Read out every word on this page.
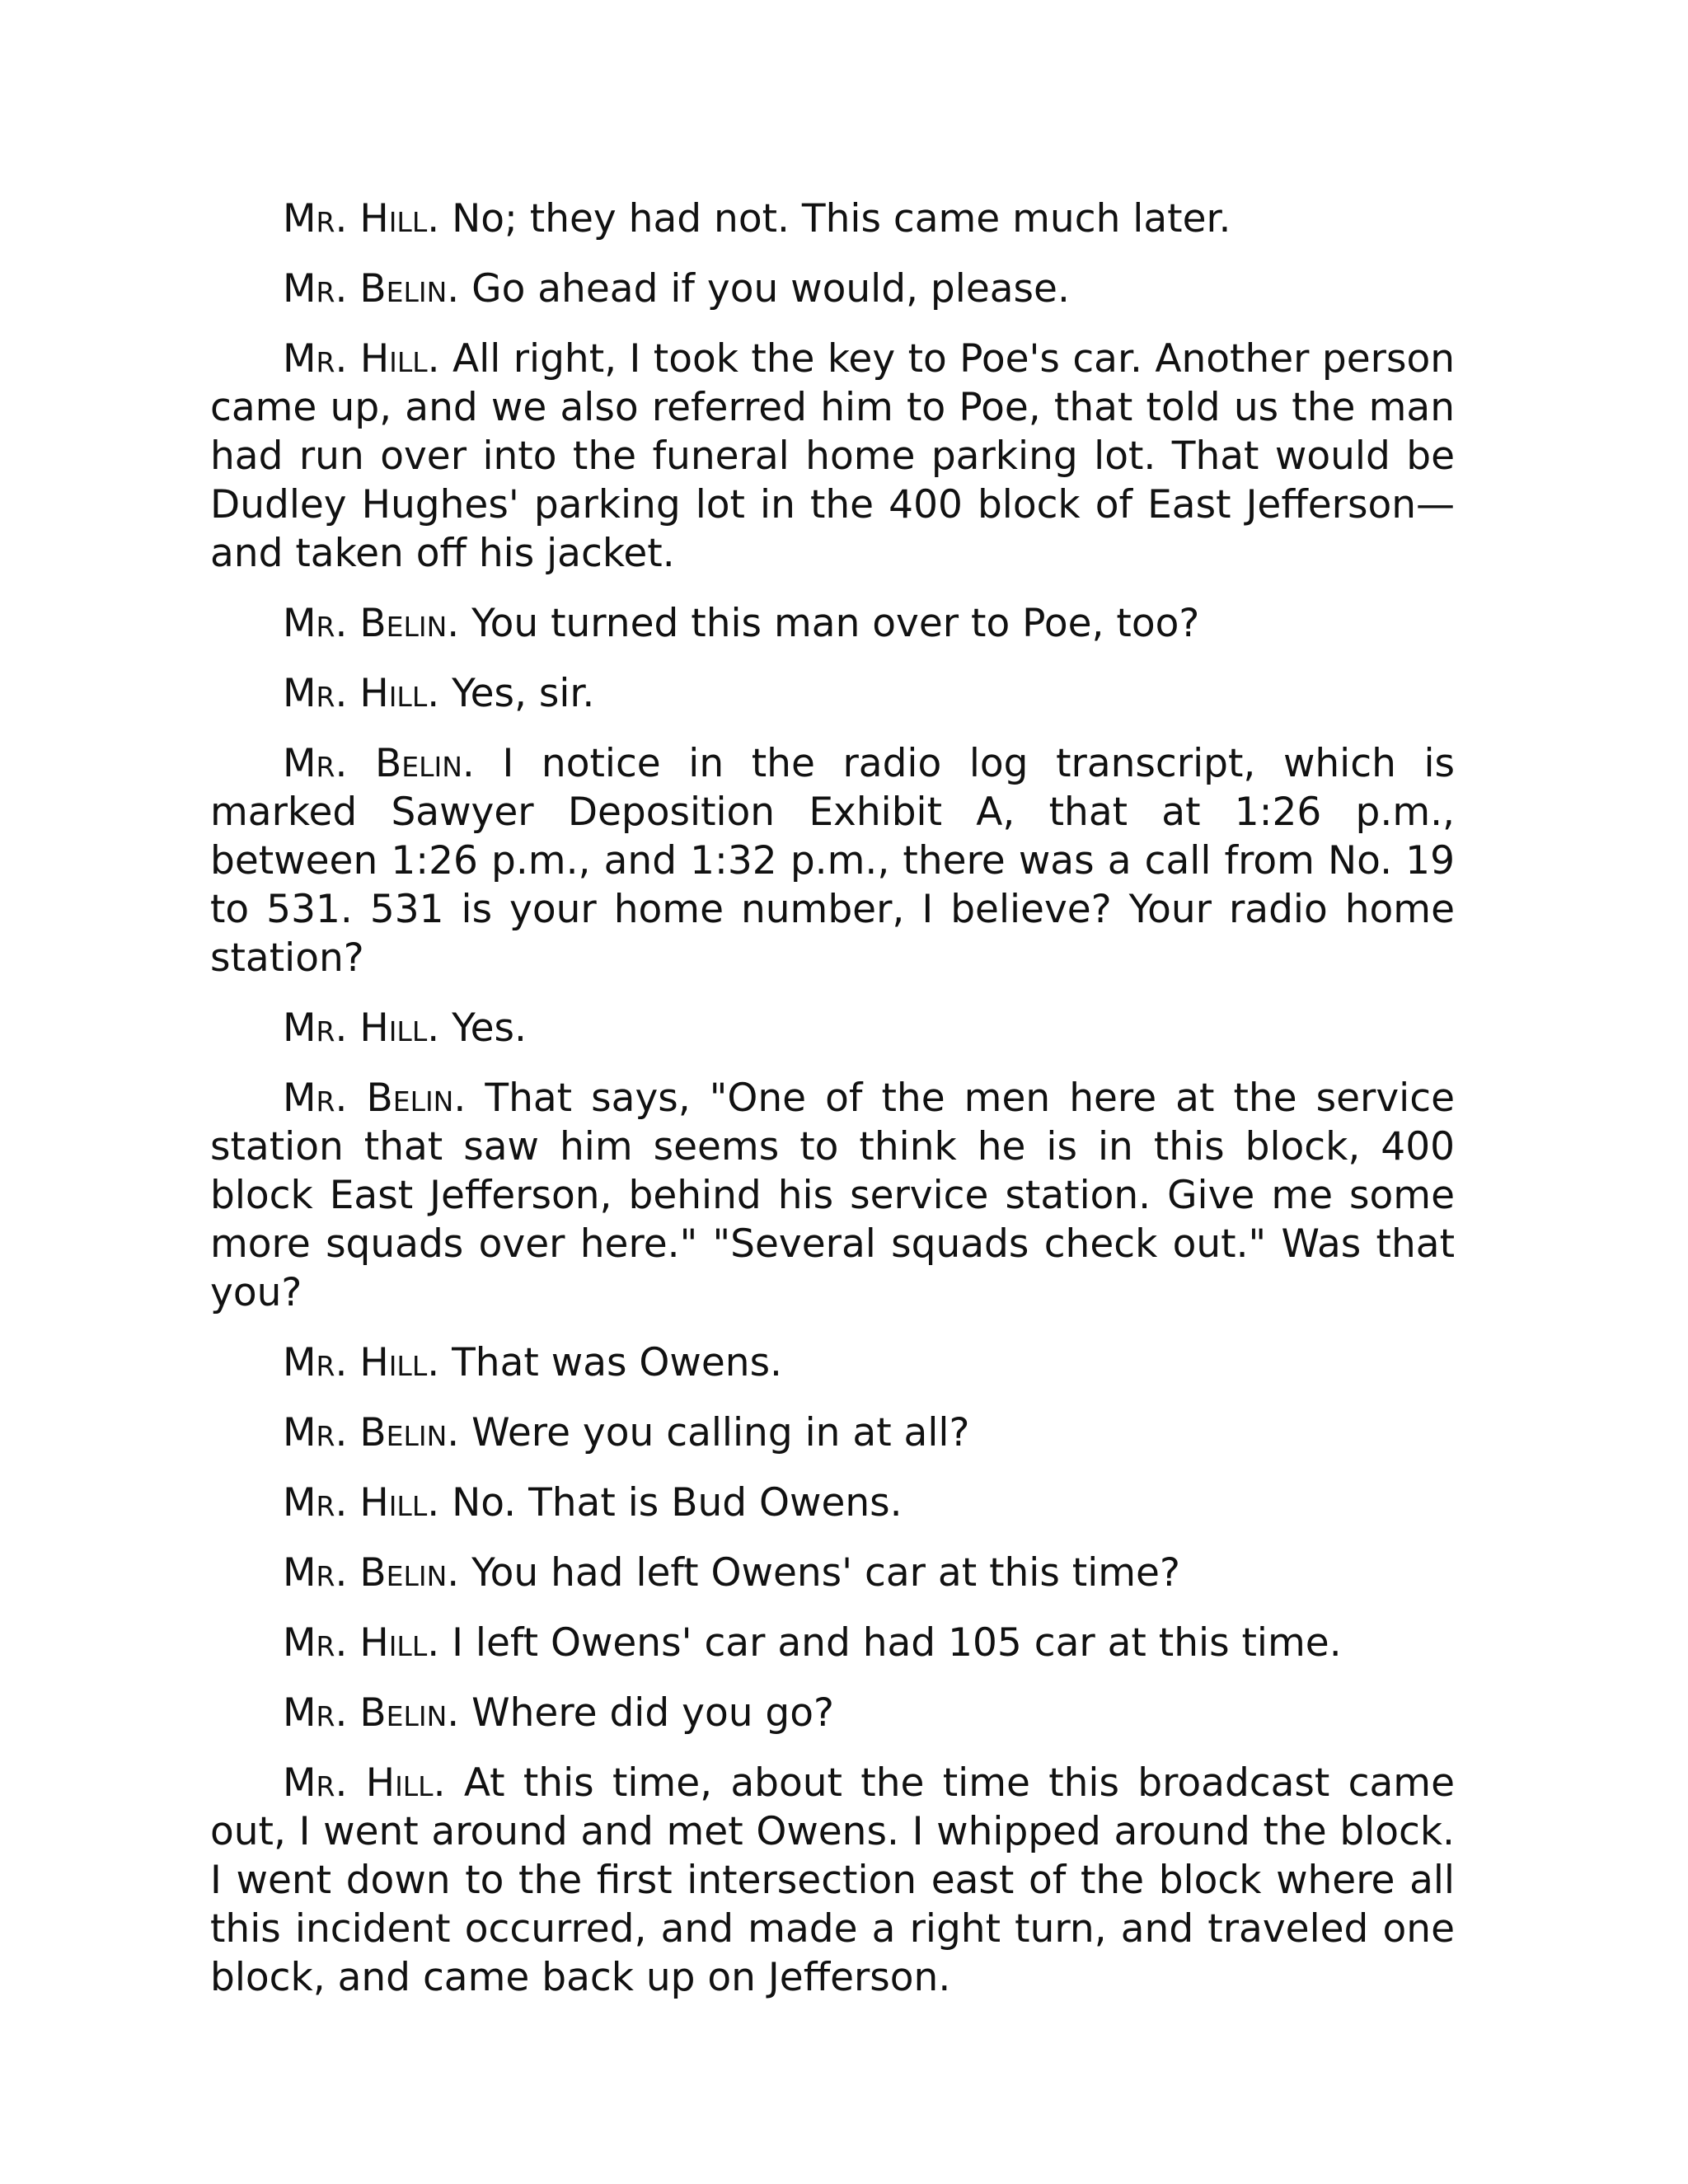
Mr. Hill. No; they had not. This came much later.

Mr. Belin. Go ahead if you would, please.

Mr. Hill. All right, I took the key to Poe's car. Another person came up, and we also referred him to Poe, that told us the man had run over into the funeral home parking lot. That would be Dudley Hughes' parking lot in the 400 block of East Jefferson—and taken off his jacket.

Mr. Belin. You turned this man over to Poe, too?

Mr. Hill. Yes, sir.

Mr. Belin. I notice in the radio log transcript, which is marked Sawyer Deposition Exhibit A, that at 1:26 p.m., between 1:26 p.m., and 1:32 p.m., there was a call from No. 19 to 531. 531 is your home number, I believe? Your radio home station?

Mr. Hill. Yes.

Mr. Belin. That says, "One of the men here at the service station that saw him seems to think he is in this block, 400 block East Jefferson, behind his service station. Give me some more squads over here." "Several squads check out." Was that you?

Mr. Hill. That was Owens.

Mr. Belin. Were you calling in at all?

Mr. Hill. No. That is Bud Owens.

Mr. Belin. You had left Owens' car at this time?

Mr. Hill. I left Owens' car and had 105 car at this time.

Mr. Belin. Where did you go?

Mr. Hill. At this time, about the time this broadcast came out, I went around and met Owens. I whipped around the block. I went down to the first intersection east of the block where all this incident occurred, and made a right turn, and traveled one block, and came back up on Jefferson.
